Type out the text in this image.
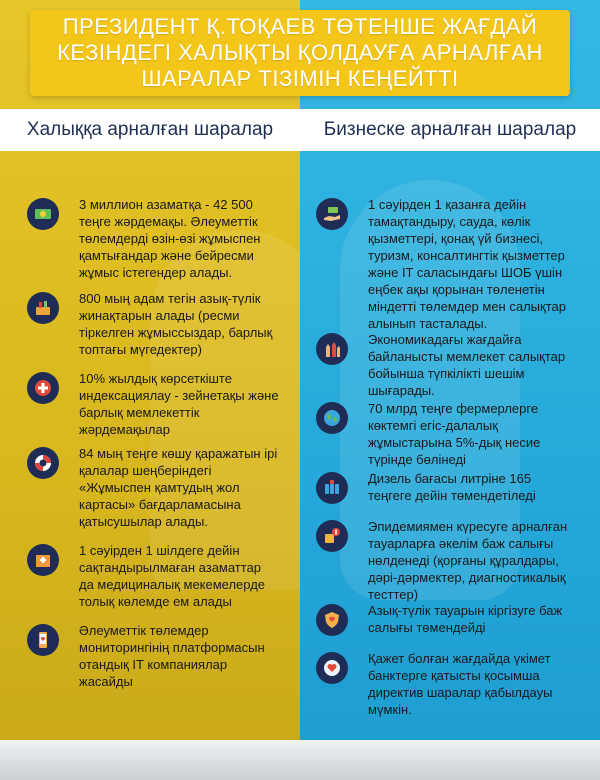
ПРЕЗИДЕНТ Қ.ТОҚАЕВ ТӨТЕНШЕ ЖАҒДАЙ
КЕЗІНДЕГІ ХАЛЫҚТЫ ҚОЛДАУҒА АРНАЛҒАН
ШАРАЛАР ТІЗІМІН КЕҢЕЙТТІ
Халыққа арналған шаралар	Бизнеске арналған шаралар
3 миллион азаматқа - 42 500 теңге жәрдемақы. Әлеуметтік төлемдерді өзін-өзі жұмыспен қамтығандар және бейресми жұмыс істегендер алады.
800 мың адам тегін азық-түлік жинақтарын алады (ресми тіркелген жұмыссыздар, барлық топтағы мүгедектер)
10% жылдық көрсеткіште индексациялау - зейнетақы және барлық мемлекеттік жәрдемақылар
84 мың теңге көшу қаражатын ірі қалалар шеңберіндегі «Жұмыспен қамтудың жол картасы» бағдарламасына қатысушылар алады.
1 сәуірден 1 шілдеге дейін сақтандырылмаған азаматтар да медициналық мекемелерде толық көлемде ем алады
Әлеуметтік төлемдер мониторингінің платформасын отандық IT компаниялар жасайды
1 сәуірден 1 қазанға дейін тамақтандыру, сауда, көлік қызметтері, қонақ үй бизнесі, туризм, консалтингтік қызметтер және IT саласындағы ШОБ үшін еңбек ақы қорынан төленетін міндетті төлемдер мен салықтар алынып тасталады.
Экономикадағы жағдайға байланысты мемлекет салықтар бойынша түпкілікті шешім шығарады.
70 млрд теңге фермерлерге көктемгі егіс-далалық жұмыстарына 5%-дық несие түрінде бөлінеді
Дизель бағасы литріне 165 теңгеге дейін төмендетіледі
Эпидемиямен күресуге арналған тауарларға әкелім баж салығы нөлденеді (қорғаны құралдары, дәрі-дәрмектер, диагностикалық тесттер)
Азық-түлік тауарын кіргізуге баж салығы төмендейді
Қажет болған жағдайда үкімет банктерге қатысты қосымша директив шаралар қабылдауы мүмкін.
